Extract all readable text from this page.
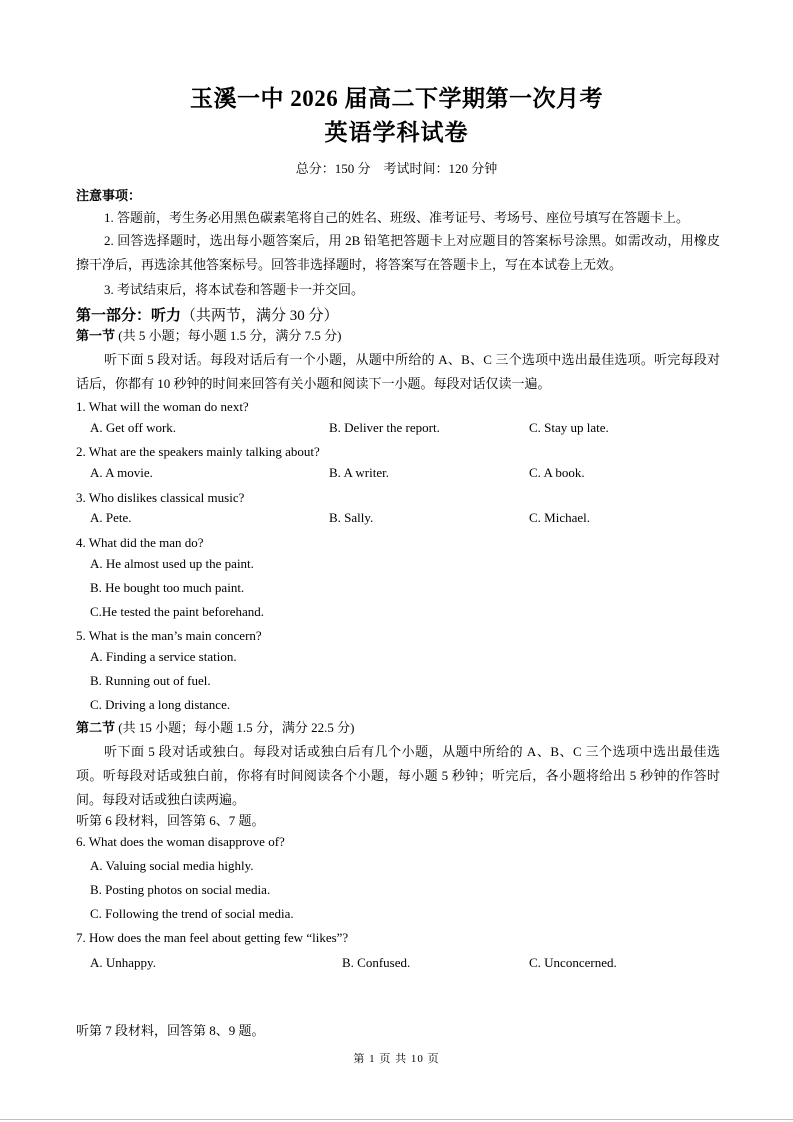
玉溪一中 2026 届高二下学期第一次月考
英语学科试卷
总分：150 分　考试时间：120 分钟
注意事项：
1. 答题前，考生务必用黑色碳素笔将自己的姓名、班级、准考证号、考场号、座位号填写在答题卡上。
2. 回答选择题时，选出每小题答案后，用 2B 铅笔把答题卡上对应题目的答案标号涂黑。如需改动，用橡皮擦干净后，再选涂其他答案标号。回答非选择题时，将答案写在答题卡上，写在本试卷上无效。
3. 考试结束后，将本试卷和答题卡一并交回。
第一部分：听力（共两节，满分 30 分）
第一节 (共 5 小题；每小题 1.5 分，满分 7.5 分)
听下面 5 段对话。每段对话后有一个小题，从题中所给的 A、B、C 三个选项中选出最佳选项。听完每段对话后，你都有 10 秒钟的时间来回答有关小题和阅读下一小题。每段对话仅读一遍。
1. What will the woman do next?
A. Get off work.	B. Deliver the report.	C. Stay up late.
2. What are the speakers mainly talking about?
A. A movie.	B. A writer.	C. A book.
3. Who dislikes classical music?
A. Pete.	B. Sally.	C. Michael.
4. What did the man do?
A. He almost used up the paint.
B. He bought too much paint.
C.He tested the paint beforehand.
5. What is the man’s main concern?
A. Finding a service station.
B. Running out of fuel.
C. Driving a long distance.
第二节 (共 15 小题；每小题 1.5 分，满分 22.5 分)
听下面 5 段对话或独白。每段对话或独白后有几个小题，从题中所给的 A、B、C 三个选项中选出最佳选项。听每段对话或独白前，你将有时间阅读各个小题，每小题 5 秒钟；听完后，各小题将给出 5 秒钟的作答时间。每段对话或独白读两遍。
听第 6 段材料，回答第 6、7 题。
6. What does the woman disapprove of?
A. Valuing social media highly.
B. Posting photos on social media.
C. Following the trend of social media.
7. How does the man feel about getting few “likes”?
A. Unhappy.	B. Confused.	C. Unconcerned.
听第 7 段材料，回答第 8、9 题。
第 1 页 共 10 页
